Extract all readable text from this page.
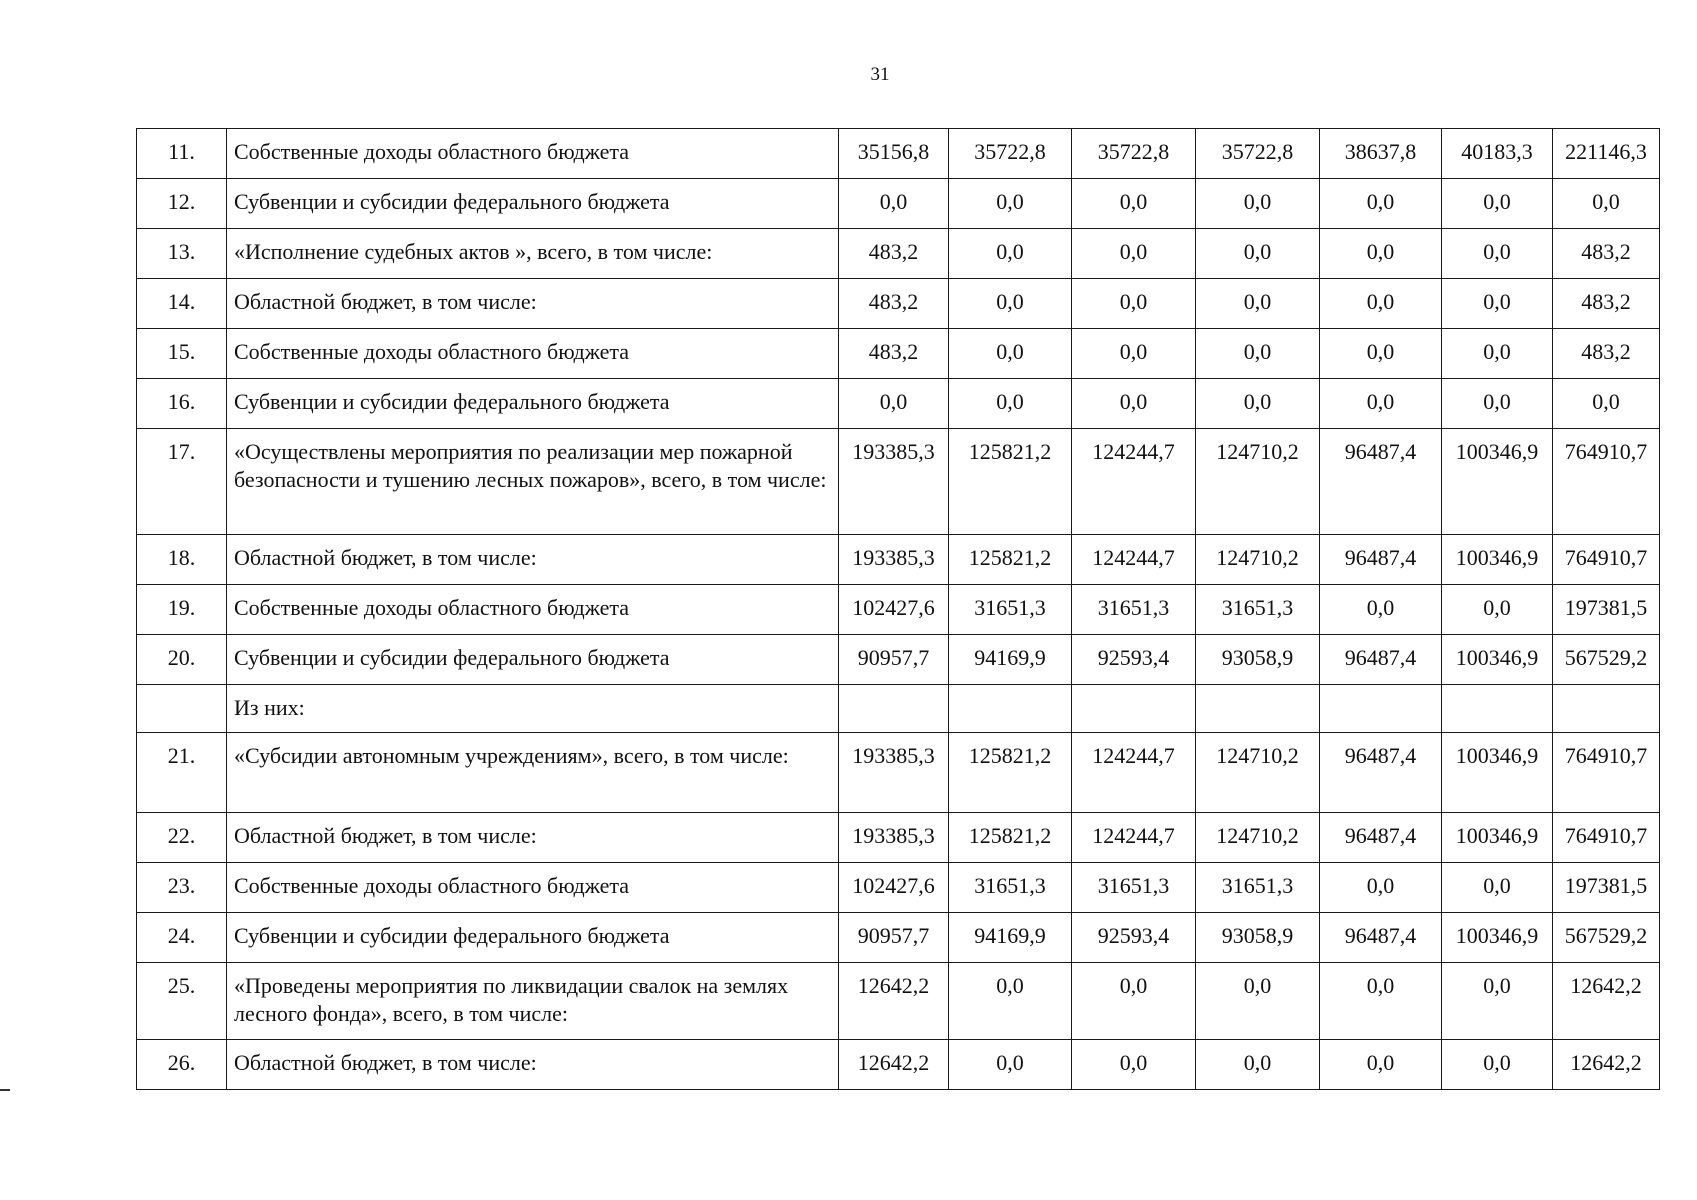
31
11.	Собственные доходы областного бюджета	35156,8	35722,8	35722,8	35722,8	38637,8	40183,3	221146,3
12.	Субвенции и субсидии федерального бюджета	0,0	0,0	0,0	0,0	0,0	0,0	0,0
13.	«Исполнение судебных актов », всего, в том числе:	483,2	0,0	0,0	0,0	0,0	0,0	483,2
14.	Областной бюджет, в том числе:	483,2	0,0	0,0	0,0	0,0	0,0	483,2
15.	Собственные доходы областного бюджета	483,2	0,0	0,0	0,0	0,0	0,0	483,2
16.	Субвенции и субсидии федерального бюджета	0,0	0,0	0,0	0,0	0,0	0,0	0,0
17.	«Осуществлены мероприятия по реализации мер пожарной безопасности и тушению лесных пожаров», всего, в том числе:	193385,3	125821,2	124244,7	124710,2	96487,4	100346,9	764910,7
18.	Областной бюджет, в том числе:	193385,3	125821,2	124244,7	124710,2	96487,4	100346,9	764910,7
19.	Собственные доходы областного бюджета	102427,6	31651,3	31651,3	31651,3	0,0	0,0	197381,5
20.	Субвенции и субсидии федерального бюджета	90957,7	94169,9	92593,4	93058,9	96487,4	100346,9	567529,2
	Из них:							
21.	«Субсидии автономным учреждениям», всего, в том числе:	193385,3	125821,2	124244,7	124710,2	96487,4	100346,9	764910,7
22.	Областной бюджет, в том числе:	193385,3	125821,2	124244,7	124710,2	96487,4	100346,9	764910,7
23.	Собственные доходы областного бюджета	102427,6	31651,3	31651,3	31651,3	0,0	0,0	197381,5
24.	Субвенции и субсидии федерального бюджета	90957,7	94169,9	92593,4	93058,9	96487,4	100346,9	567529,2
25.	«Проведены мероприятия по ликвидации свалок на землях лесного фонда», всего, в том числе:	12642,2	0,0	0,0	0,0	0,0	0,0	12642,2
26.	Областной бюджет, в том числе:	12642,2	0,0	0,0	0,0	0,0	0,0	12642,2
